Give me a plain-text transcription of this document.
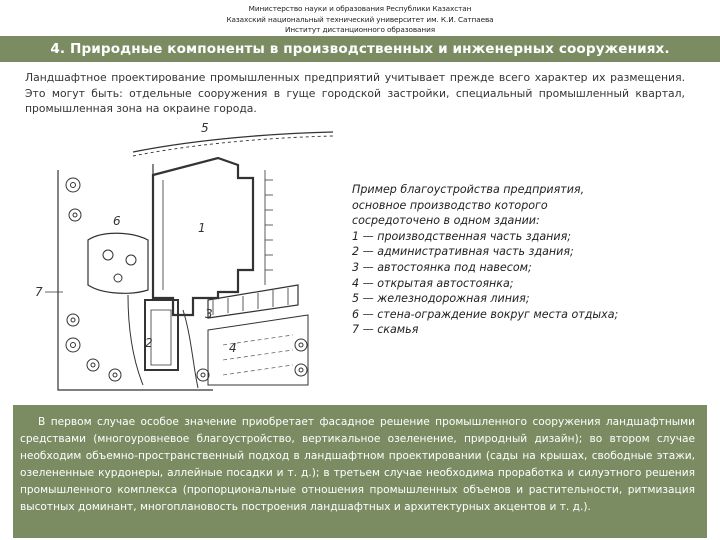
Министерство науки и образования Республики Казахстан
Казахский национальный технический университет им. К.И. Сатпаева
Институт дистанционного образования
4. Природные компоненты в производственных и инженерных сооружениях.
Ландшафтное проектирование промышленных предприятий учитывает прежде всего характер их размещения. Это могут быть: отдельные сооружения в гуще городской застройки, специальный промышленный квартал, промышленная зона на окраине города.
5
1
2
3
4
6
7
Пример благоустройства предприятия,
основное производство которого
сосредоточено в одном здании:
1 — производственная часть здания;
2 — административная часть здания;
3 — автостоянка под навесом;
4 — открытая автостоянка;
5 — железнодорожная линия;
6 — стена-ограждение вокруг места отдыха;
7 — скамья
В первом случае особое значение приобретает фасадное решение промышленного сооружения ландшафтными средствами (многоуровневое благоустройство, вертикальное озеленение, природный дизайн); во втором случае необходим объемно-пространственный подход в ландшафтном проектировании (сады на крышах, свободные этажи, озелененные курдонеры, аллейные посадки и т. д.); в третьем случае необходима проработка и силуэтного решения промышленного комплекса (пропорциональные отношения промышленных объемов и растительности, ритмизация высотных доминант, многоплановость построения ландшафтных и архитектурных акцентов и т. д.).
